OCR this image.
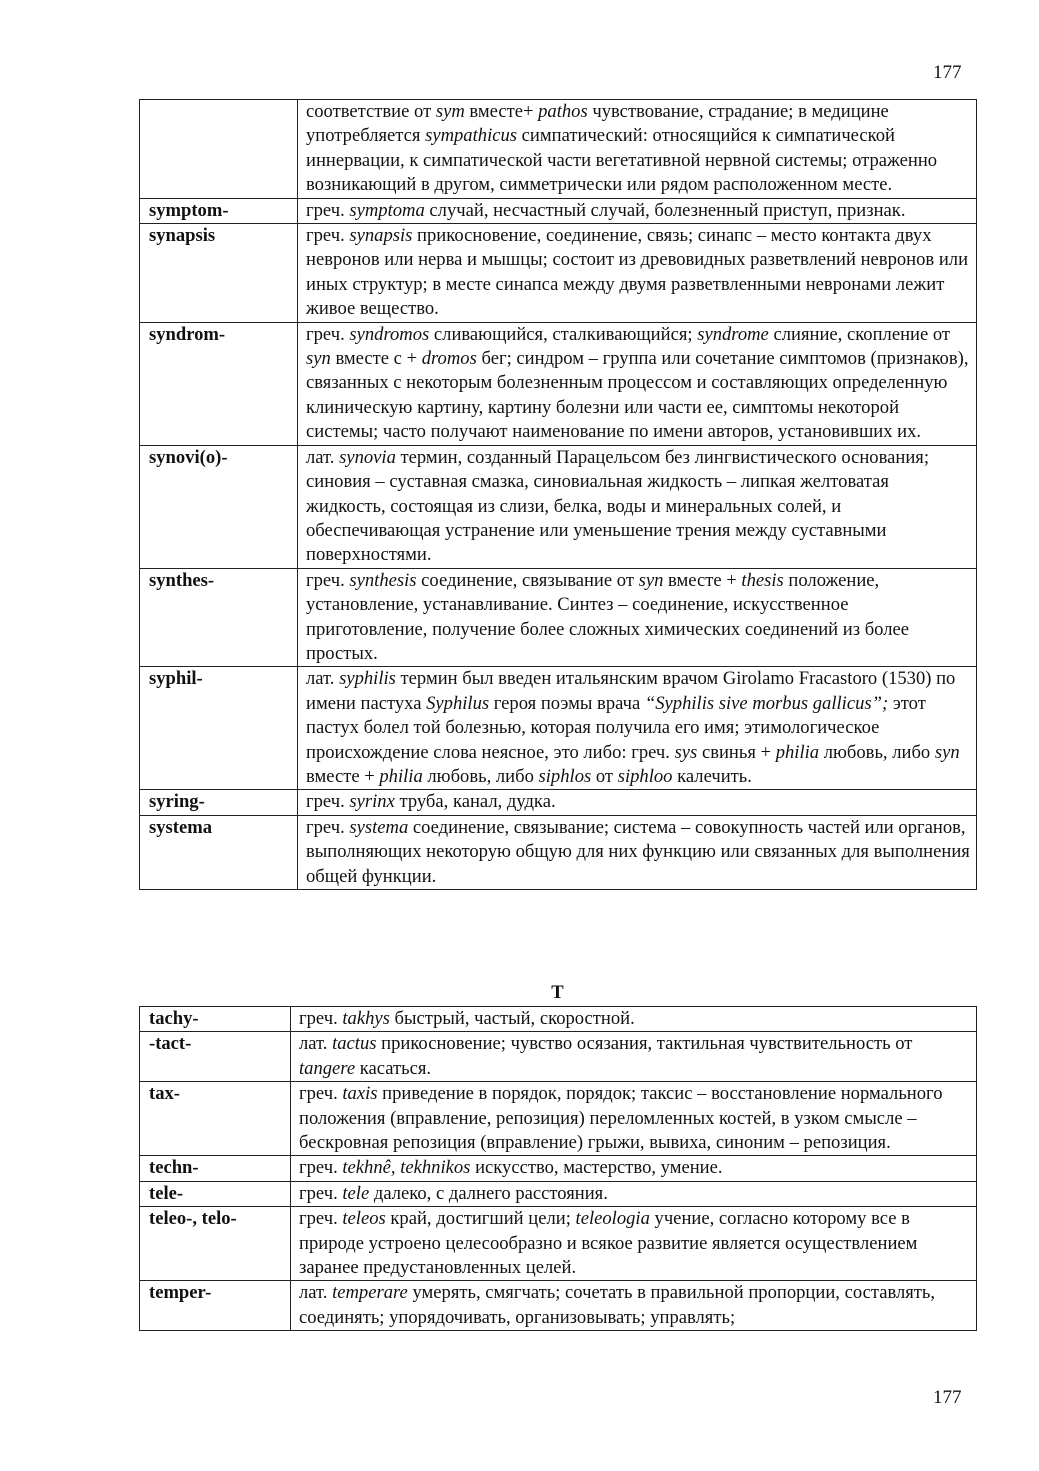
177
	соответствие от sym вместе+ pathos чувствование, страдание; в медицине употребляется sympathicus симпатический: относящийся к симпатической иннервации, к симпатической части вегетативной нервной системы; отраженно возникающий в другом, симметрически или рядом расположенном месте.
symptom-	греч. symptoma случай, несчастный случай, болезненный приступ, признак.
synapsis	греч. synapsis прикосновение, соединение, связь; синапс – место контакта двух невронов или нерва и мышцы; состоит из древовидных разветвлений невронов или иных структур; в месте синапса между двумя разветвленными невронами лежит живое вещество.
syndrom-	греч. syndromos сливающийся, сталкивающийся; syndrome слияние, скопление от syn вместе с + dromos бег; синдром – группа или сочетание симптомов (признаков), связанных с некоторым болезненным процессом и составляющих определенную клиническую картину, картину болезни или части ее, симптомы некоторой системы; часто получают наименование по имени авторов, установивших их.
synovi(o)-	лат. synovia термин, созданный Парацельсом без лингвистического основания; синовия – суставная смазка, синовиальная жидкость – липкая желтоватая жидкость, состоящая из слизи, белка, воды и минеральных солей, и обеспечивающая устранение или уменьшение трения между суставными поверхностями.
synthes-	греч. synthesis соединение, связывание от syn вместе + thesis положение, установление, устанавливание. Синтез – соединение, искусственное приготовление, получение более сложных химических соединений из более простых.
syphil-	лат. syphilis термин был введен итальянским врачом Girolamo Fracastoro (1530) по имени пастуха Syphilus героя поэмы врача “Syphilis sive morbus gallicus”; этот пастух болел той болезнью, которая получила его имя; этимологическое происхождение слова неясное, это либо: греч. sys свинья + philia любовь, либо syn вместе + philia любовь, либо siphlos от siphloo калечить.
syring-	греч. syrinx труба, канал, дудка.
systema	греч. systema соединение, связывание; система – совокупность частей или органов, выполняющих некоторую общую для них функцию или связанных для выполнения общей функции.
T
tachy-	греч. takhys быстрый, частый, скоростной.
-tact-	лат. tactus прикосновение; чувство осязания, тактильная чувствительность от tangere касаться.
tax-	греч. taxis приведение в порядок, порядок; таксис – восстановление нормального положения (вправление, репозиция) переломленных костей, в узком смысле – бескровная репозиция (вправление) грыжи, вывиха, синоним – репозиция.
techn-	греч. tekhnê, tekhnikos искусство, мастерство, умение.
tele-	греч. tele далеко, с далнего расстояния.
teleo-, telo-	греч. teleos край, достигший цели; teleologia учение, согласно которому все в природе устроено целесообразно и всякое развитие является осуществлением заранее предустановленных целей.
temper-	лат. temperare умерять, смягчать; сочетать в правильной пропорции, составлять, соединять; упорядочивать, организовывать; управлять;
177
